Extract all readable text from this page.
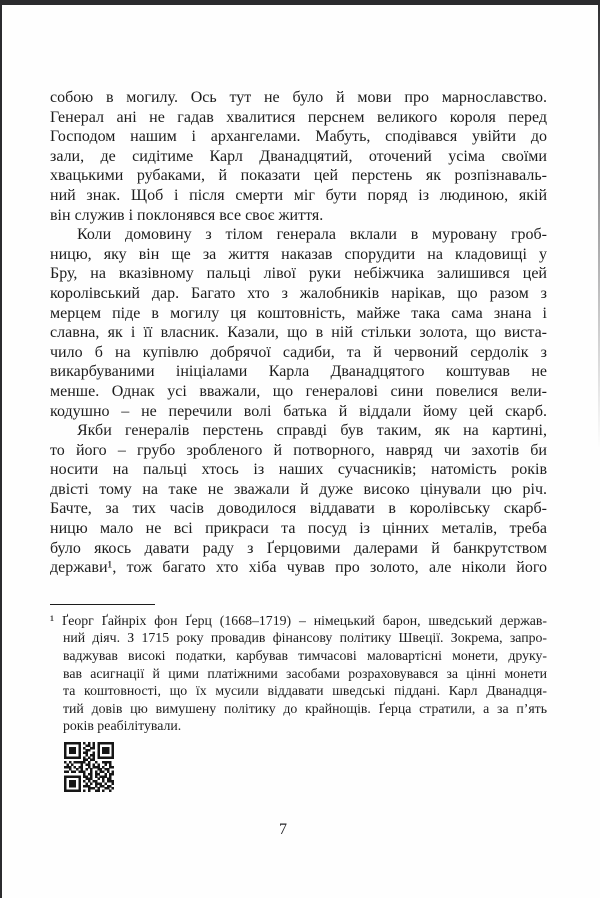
собою в могилу. Ось тут не було й мови про марнославство.
Генерал ані не гадав хвалитися перснем великого короля перед
Господом нашим і архангелами. Мабуть, сподівався увійти до
зали, де сидітиме Карл Дванадцятий, оточений усіма своїми
хвацькими рубаками, й показати цей перстень як розпізнаваль-
ний знак. Щоб і після смерти міг бути поряд із людиною, якій
він служив і поклонявся все своє життя.
Коли домовину з тілом генерала вклали в муровану гроб-
ницю, яку він ще за життя наказав спорудити на кладовищі у
Бру, на вказівному пальці лівої руки небіжчика залишився цей
королівський дар. Багато хто з жалобників нарікав, що разом з
мерцем піде в могилу ця коштовність, майже така сама знана і
славна, як і її власник. Казали, що в ній стільки золота, що виста-
чило б на купівлю добрячої садиби, та й червоний сердолік з
викарбуваними ініціалами Карла Дванадцятого коштував не
менше. Однак усі вважали, що генералові сини повелися вели-
кодушно – не перечили волі батька й віддали йому цей скарб.
Якби генералів перстень справді був таким, як на картині,
то його – грубо зробленого й потворного, навряд чи захотів би
носити на пальці хтось із наших сучасників; натомість років
двісті тому на таке не зважали й дуже високо цінували цю річ.
Бачте, за тих часів доводилося віддавати в королівську скарб-
ницю мало не всі прикраси та посуд із цінних металів, треба
було якось давати раду з Ґерцовими далерами й банкрутством
держави¹, тож багато хто хіба чував про золото, але ніколи його
¹ Ґеорг Ґайнріх фон Ґерц (1668–1719) – німецький барон, шведський держав-
ний діяч. З 1715 року провадив фінансову політику Швеції. Зокрема, запро-
ваджував високі податки, карбував тимчасові маловартісні монети, друку-
вав асигнації й цими платіжними засобами розраховувався за цінні монети
та коштовності, що їх мусили віддавати шведські піддані. Карл Дванадця-
тий довів цю вимушену політику до крайнощів. Ґерца стратили, а за п’ять
років реабілітували.
7
